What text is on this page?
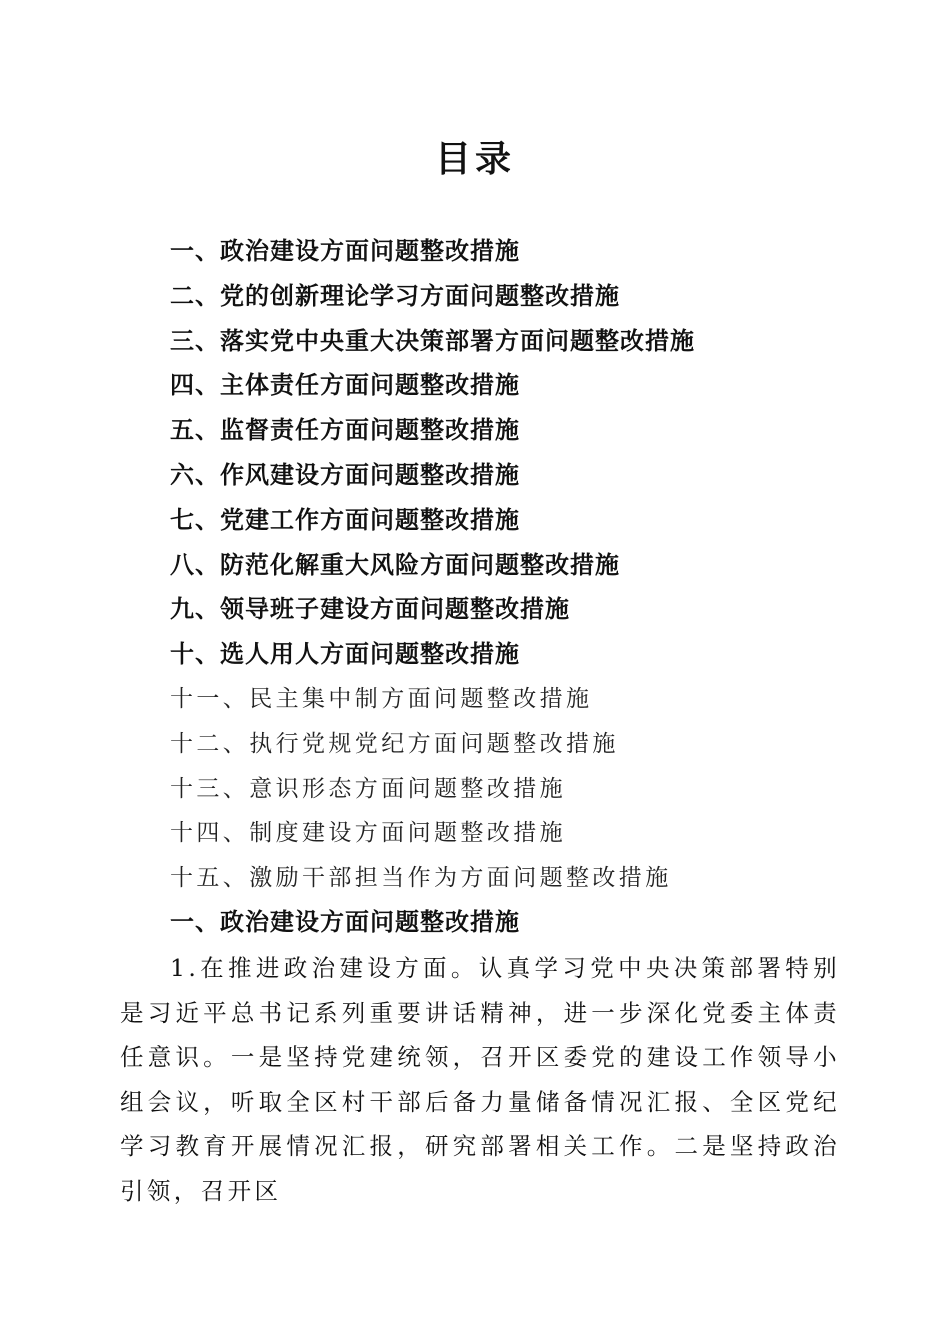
目录
一、政治建设方面问题整改措施
二、党的创新理论学习方面问题整改措施
三、落实党中央重大决策部署方面问题整改措施
四、主体责任方面问题整改措施
五、监督责任方面问题整改措施
六、作风建设方面问题整改措施
七、党建工作方面问题整改措施
八、防范化解重大风险方面问题整改措施
九、领导班子建设方面问题整改措施
十、选人用人方面问题整改措施
十一、民主集中制方面问题整改措施
十二、执行党规党纪方面问题整改措施
十三、意识形态方面问题整改措施
十四、制度建设方面问题整改措施
十五、激励干部担当作为方面问题整改措施
一、政治建设方面问题整改措施

1.在推进政治建设方面。认真学习党中央决策部署特别是习近平总书记系列重要讲话精神，进一步深化党委主体责任意识。一是坚持党建统领，召开区委党的建设工作领导小组会议，听取全区村干部后备力量储备情况汇报、全区党纪学习教育开展情况汇报，研究部署相关工作。二是坚持政治引领，召开区
